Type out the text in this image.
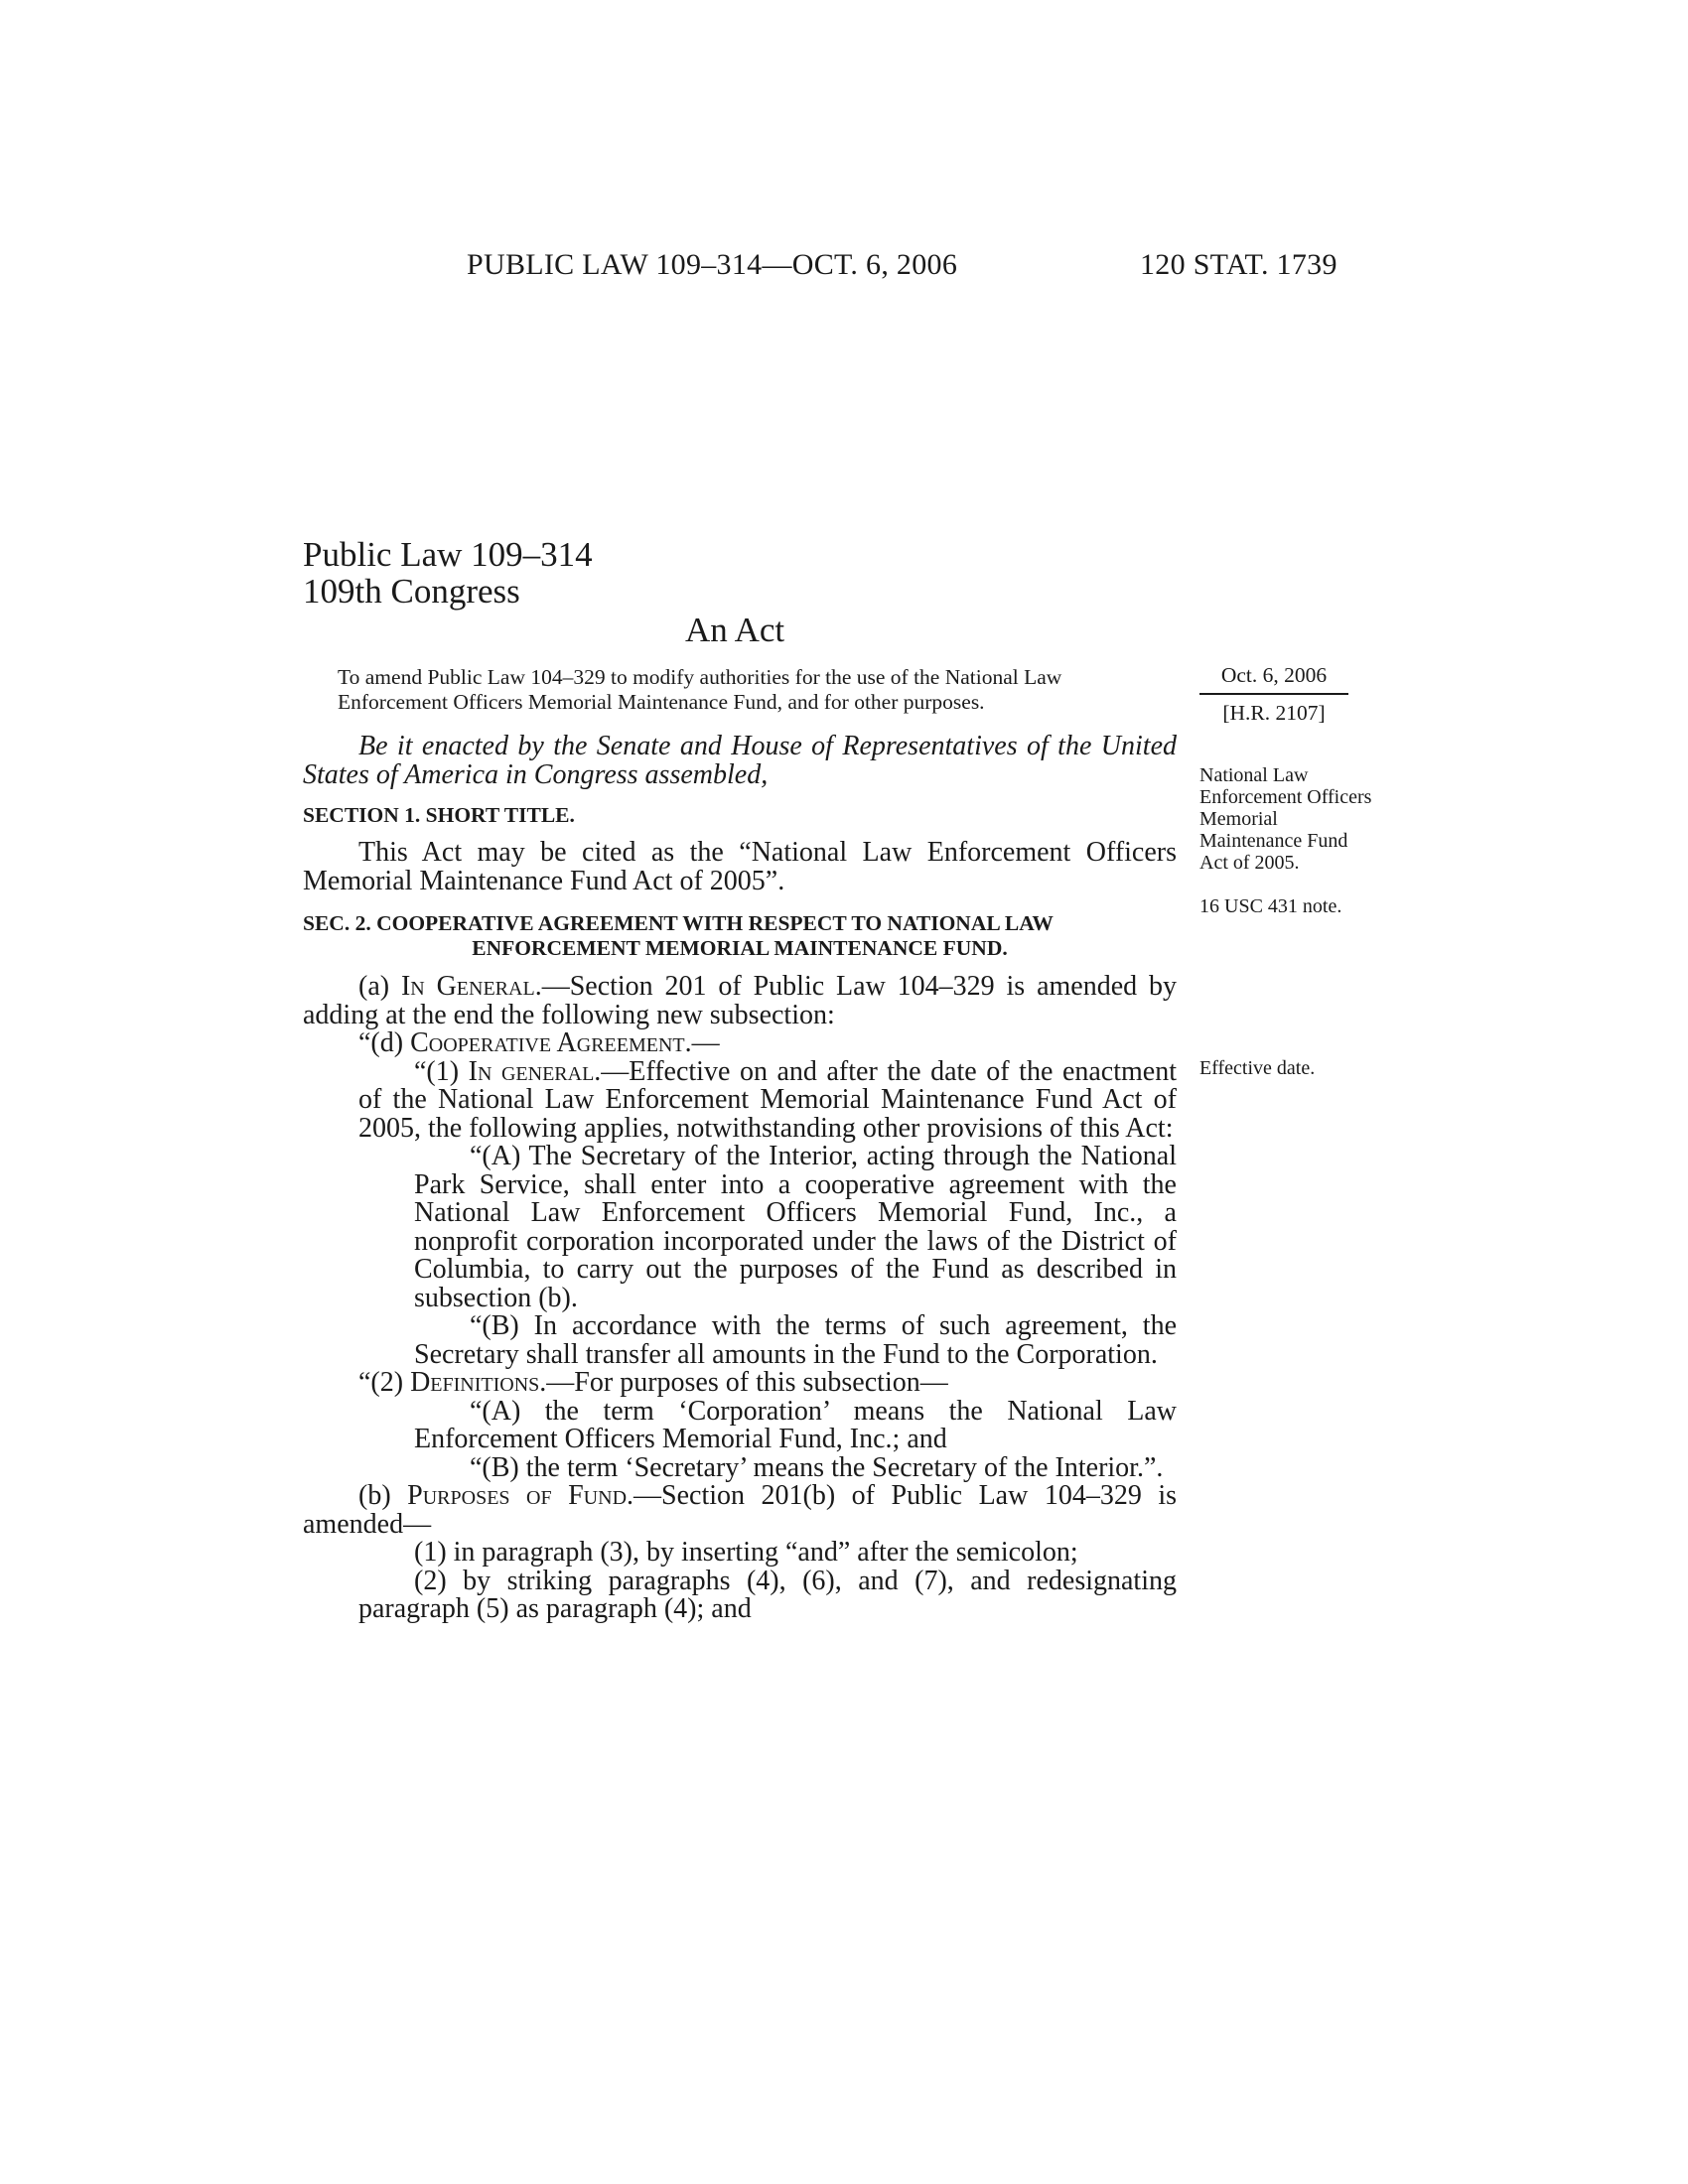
PUBLIC LAW 109–314—OCT. 6, 2006	120 STAT. 1739
Public Law 109–314
109th Congress
An Act
To amend Public Law 104–329 to modify authorities for the use of the National Law Enforcement Officers Memorial Maintenance Fund, and for other purposes.
Oct. 6, 2006
[H.R. 2107]
National Law Enforcement Officers Memorial Maintenance Fund Act of 2005.
16 USC 431 note.
Effective date.

Be it enacted by the Senate and House of Representatives of the United States of America in Congress assembled,

SECTION 1. SHORT TITLE.

This Act may be cited as the “National Law Enforcement Officers Memorial Maintenance Fund Act of 2005”.

SEC. 2. COOPERATIVE AGREEMENT WITH RESPECT TO NATIONAL LAW
ENFORCEMENT MEMORIAL MAINTENANCE FUND.

(a) In General.—Section 201 of Public Law 104–329 is amended by adding at the end the following new subsection:

“(d) Cooperative Agreement.—

“(1) In general.—Effective on and after the date of the enactment of the National Law Enforcement Memorial Maintenance Fund Act of 2005, the following applies, notwithstanding other provisions of this Act:

“(A) The Secretary of the Interior, acting through the National Park Service, shall enter into a cooperative agreement with the National Law Enforcement Officers Memorial Fund, Inc., a nonprofit corporation incorporated under the laws of the District of Columbia, to carry out the purposes of the Fund as described in subsection (b).

“(B) In accordance with the terms of such agreement, the Secretary shall transfer all amounts in the Fund to the Corporation.

“(2) Definitions.—For purposes of this subsection—

“(A) the term ‘Corporation’ means the National Law Enforcement Officers Memorial Fund, Inc.; and

“(B) the term ‘Secretary’ means the Secretary of the Interior.”.

(b) Purposes of Fund.—Section 201(b) of Public Law 104–329 is amended—

(1) in paragraph (3), by inserting “and” after the semicolon;

(2) by striking paragraphs (4), (6), and (7), and redesignating paragraph (5) as paragraph (4); and
